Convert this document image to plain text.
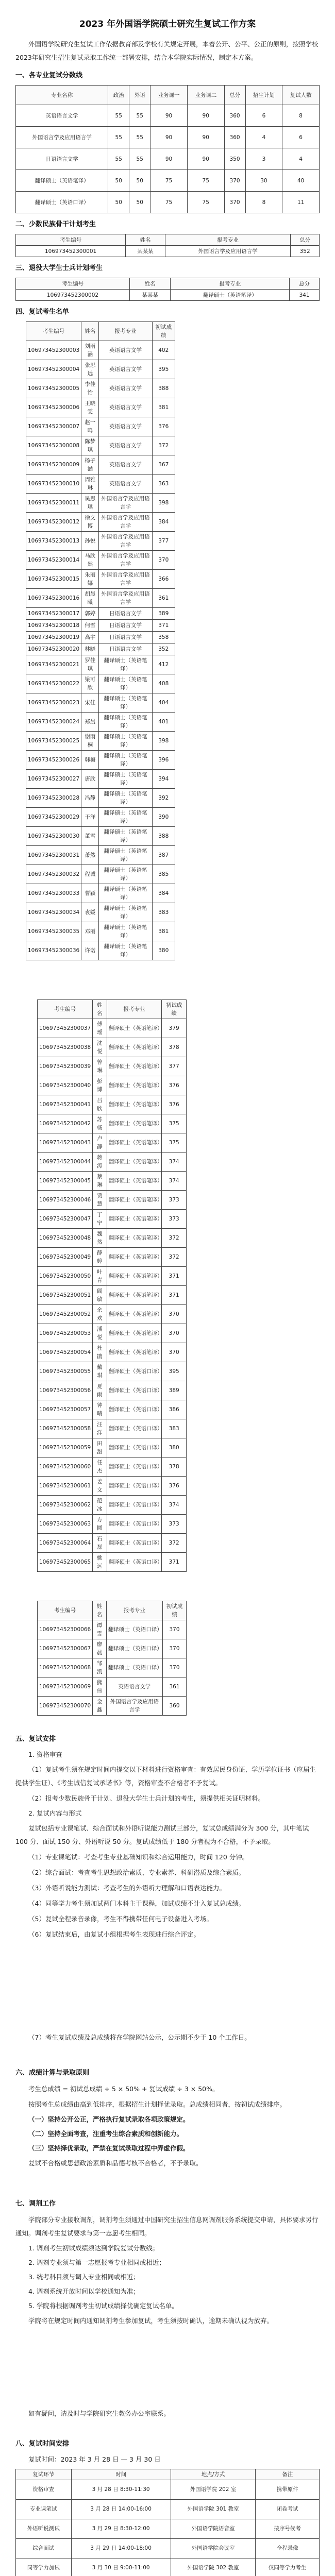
2023 年外国语学院硕士研究生复试工作方案

外国语学院研究生复试工作依据教育部及学校有关规定开展，本着公开、公平、公正的原则，按照学校2023年研究生招生复试录取工作统一部署安排，结合本学院实际情况，制定本方案。

一、各专业复试分数线
专业名称	政治	外语	业务课一	业务课二	总分	招生计划	复试人数
英语语言文学	55	55	90	90	360	6	8
外国语言学及应用语言学	55	55	90	90	360	4	6
日语语言文学	55	55	90	90	350	3	4
翻译硕士（英语笔译）	50	50	75	75	370	30	40
翻译硕士（英语口译）	50	50	75	75	370	8	11
二、少数民族骨干计划考生
考生编号	姓名	报考专业	总分
106973452300001	某某某	外国语言学及应用语言学	352
三、退役大学生士兵计划考生
考生编号	姓名	报考专业	总分
106973452300002	某某某	翻译硕士（英语笔译）	341
四、复试考生名单
考生编号	姓名	报考专业	初试成绩
106973452300003	刘雨涵	英语语言文学	402
106973452300004	张思远	英语语言文学	395
106973452300005	李佳怡	英语语言文学	388
106973452300006	王晓雯	英语语言文学	381
106973452300007	赵一鸣	英语语言文学	376
106973452300008	陈梦琪	英语语言文学	372
106973452300009	杨子涵	英语语言文学	367
106973452300010	周雅琳	英语语言文学	363
106973452300011	吴思琪	外国语言学及应用语言学	398
106973452300012	徐文博	外国语言学及应用语言学	384
106973452300013	孙悦	外国语言学及应用语言学	377
106973452300014	马欣然	外国语言学及应用语言学	370
106973452300015	朱丽娜	外国语言学及应用语言学	366
106973452300016	胡晨曦	外国语言学及应用语言学	361
106973452300017	郭婷	日语语言文学	389
106973452300018	何雪	日语语言文学	371
106973452300019	高宇	日语语言文学	358
106973452300020	林晓	日语语言文学	352
106973452300021	罗佳琪	翻译硕士（英语笔译）	412
106973452300022	梁可欣	翻译硕士（英语笔译）	408
106973452300023	宋佳	翻译硕士（英语笔译）	404
106973452300024	郑晨	翻译硕士（英语笔译）	401
106973452300025	谢雨桐	翻译硕士（英语笔译）	398
106973452300026	韩梅	翻译硕士（英语笔译）	396
106973452300027	唐欣	翻译硕士（英语笔译）	394
106973452300028	冯静	翻译硕士（英语笔译）	392
106973452300029	于洋	翻译硕士（英语笔译）	390
106973452300030	董雪	翻译硕士（英语笔译）	388
106973452300031	萧然	翻译硕士（英语笔译）	387
106973452300032	程诚	翻译硕士（英语笔译）	385
106973452300033	曹颖	翻译硕士（英语笔译）	384
106973452300034	袁媛	翻译硕士（英语笔译）	383
106973452300035	邓丽	翻译硕士（英语笔译）	381
106973452300036	许诺	翻译硕士（英语笔译）	380
考生编号	姓名	报考专业	初试成绩
106973452300037	傅瑶	翻译硕士（英语笔译）	379
106973452300038	沈悦	翻译硕士（英语笔译）	378
106973452300039	曾琳	翻译硕士（英语笔译）	377
106973452300040	彭博	翻译硕士（英语笔译）	376
106973452300041	吕欣	翻译硕士（英语笔译）	376
106973452300042	苏畅	翻译硕士（英语笔译）	375
106973452300043	卢静	翻译硕士（英语笔译）	375
106973452300044	蒋涛	翻译硕士（英语笔译）	374
106973452300045	蔡琳	翻译硕士（英语笔译）	374
106973452300046	贾慧	翻译硕士（英语笔译）	373
106973452300047	丁宁	翻译硕士（英语笔译）	373
106973452300048	魏然	翻译硕士（英语笔译）	372
106973452300049	薛婷	翻译硕士（英语笔译）	372
106973452300050	叶青	翻译硕士（英语笔译）	371
106973452300051	阎敏	翻译硕士（英语笔译）	371
106973452300052	余欢	翻译硕士（英语笔译）	370
106973452300053	潘悦	翻译硕士（英语笔译）	370
106973452300054	杜鹃	翻译硕士（英语笔译）	370
106973452300055	戴琪	翻译硕士（英语口译）	395
106973452300056	夏雨	翻译硕士（英语口译）	389
106973452300057	钟晴	翻译硕士（英语口译）	386
106973452300058	汪洋	翻译硕士（英语口译）	383
106973452300059	田甜	翻译硕士（英语口译）	380
106973452300060	任杰	翻译硕士（英语口译）	378
106973452300061	姜文	翻译硕士（英语口译）	376
106973452300062	范冰	翻译硕士（英语口译）	374
106973452300063	方圆	翻译硕士（英语口译）	373
106973452300064	石磊	翻译硕士（英语口译）	372
106973452300065	姚远	翻译硕士（英语口译）	371
考生编号	姓名	报考专业	初试成绩
106973452300066	谭雪	翻译硕士（英语口译）	370
106973452300067	廖晨	翻译硕士（英语口译）	370
106973452300068	邹凯	翻译硕士（英语口译）	370
106973452300069	熊伟	英语语言文学	361
106973452300070	金鑫	外国语言学及应用语言学	360
五、复试安排

1. 资格审查

（1）复试考生须在规定时间内提交以下材料进行资格审查：有效居民身份证、学历学位证书（应届生提供学生证）、《考生诚信复试承诺书》等，资格审查不合格者不予复试。

（2）报考少数民族骨干计划、退役大学生士兵计划的考生，须提供相关证明材料。

2. 复试内容与形式

复试包括专业课笔试、综合面试和外语听说能力测试三部分，复试总成绩满分为 300 分，其中笔试 100 分、面试 150 分、外语听说 50 分。复试成绩低于 180 分者视为不合格，不予录取。

（1）专业课笔试：考查考生专业基础知识和综合运用能力，时间 120 分钟。

（2）综合面试：考查考生思想政治素质、专业素养、科研潜质及综合素质。

（3）外语听说能力测试：考查考生的外语听力理解和口语表达能力。

（4）同等学力考生须加试两门本科主干课程，加试成绩不计入复试总成绩。

（5）复试全程录音录像，考生不得携带任何电子设备进入考场。

（6）复试结束后，由复试小组根据考生表现进行综合评定。

（7）考生复试成绩及总成绩将在学院网站公示，公示期不少于 10 个工作日。

六、成绩计算与录取原则

考生总成绩 = 初试总成绩 ÷ 5 × 50% + 复试成绩 ÷ 3 × 50%。

按照考生总成绩由高到低排序，根据招生计划择优录取。总成绩相同者，按初试成绩排序。

（一）坚持公开公正，严格执行复试录取各项政策规定。

（二）坚持全面考查，注重考生综合素质和创新能力。

（三）坚持择优录取，严禁在复试录取过程中弄虚作假。

复试不合格或思想政治素质和品德考核不合格者，不予录取。

七、调剂工作

学院部分专业接收调剂，调剂考生须通过中国研究生招生信息网调剂服务系统提交申请，具体要求另行通知。调剂考生复试要求与第一志愿考生相同。

1. 调剂考生初试成绩须达到学院复试分数线；

2. 调剂专业须与第一志愿报考专业相同或相近；

3. 统考科目须与调入专业相同或相近；

4. 调剂系统开放时间以学校通知为准；

5. 学院将根据调剂考生初试成绩择优确定复试名单。

学院将在规定时间内通知调剂考生参加复试，考生须按时确认，逾期未确认视为放弃。

如有疑问，请及时与学院研究生教务办公室联系。

八、复试时间安排

复试时间：2023 年 3 月 28 日 — 3 月 30 日

复试环节	时间	地点/方式	备注
资格审查	3 月 28 日 8:30-11:30	外国语学院 202 室	携带原件
专业课笔试	3 月 28 日 14:00-16:00	外国语学院 301 教室	闭卷考试
外语听说测试	3 月 29 日 8:30-12:00	外国语学院语音室	按序号候考
综合面试	3 月 29 日 14:00-18:00	外国语学院会议室	全程录像
同等学力加试	3 月 30 日 9:00-11:00	外国语学院 302 教室	仅同等学力考生
